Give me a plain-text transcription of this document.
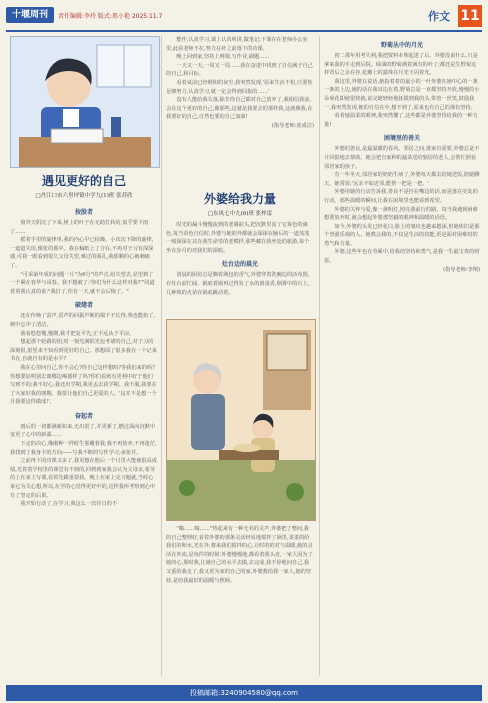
十堰周刊	责任编辑:李玲 版式:邢小艳 2025.11.7	作文 11
遇见更好的自己
□丹江口市六里坪镇中学九(1)班 张苏欣
按股者

窗外天阴沉了下来,树上的叶子在无助打转的,似乎要下雨了……

摇着手里的旋律单,我的内心早已枯燥。小次次下降的旋律,一道道失误,像张的那中。我在稿纸上了合在,不再对于习有深深感,可我一眼看到很久父母失望,难过的面孔,我那颗的心被刺痛了。

"可采染年成的问题一片"为6分"的声音,给失望去,显望到了一个紧在春华与哥春。我不想被了:'你们为什么这样对我?'"同道着着我认真的说:"我打了,你有一天,就不会后悔了。"

破绪者

还在传唤了雷声,雷声的回振声断的揭下不长得,残也能抬了,刺中忘中了清洁。

我看悠悠慢,慢期,我才把复平先,正不远从于平凉。

想起那个轮路的团,时一刻光满阳光包考诸的自己,对子习的深刻很,很望来不知看到更好的自己。那想面了很多我在一个记来书在,自就自有的是水平?

我在心里问自己,你不会心?你自己这样想吗?等我们来的吗?你想要证明别去离哪边喝那样了吗?你们看到有更利中好于他们写到不的;我不好心,我还出学期,我更丢去获学期。我不服,我要在了大家好我的朋期。我要让他们自己更爱的人。'这并不是想一个月我要这样做成!',

奋起者

雨后的一切都满新如来,无出震了,并更新了,燃过面向沉默中变更了心中的新瀑……

下定的决心,像刚种一样时生那覆着我,我不再放弃,不再迷茫,我找到了我身卡的方向——写我不断的写作学习,承张并。

之前再下的功课又多了,我更想在他后一个月里大能使很高成绩,光着着学校里的课堂有不到的,回到到家我会认为父母亲,希劳的上在家上写课,看着先跟重要我。晚上在家上完习题就,当时心来它为关心想,所以,在学的心觉得更好中的,这样我所考察到心中有了坚定的后果。

我开始行动了,在学习,我这么一次往日的不

能作,认真学习,课上认真听讲,做笔记;下课在在老师办公室里,此看老师不在,努力在补之前落下的功课。

晚上回到家,坚持上网课,写作业,刷题……

一天又一天,一周又一周……我在奋进中找到了自信满子自己的自己,和目标。

看着桌前已经堆积的灰尘,我突然发现,'原来生活不怕,只要你足够努力,认真学习,就一定会得到回报的……'

没有人能给我失落,除非你自己都对自己放弃了,我相信我前,会在这个更好的自己,像那些,这就是我要去的那样我,这就像我,在我要好的自己,自然也要的自己加油!

(指导老师:张成洁)
外婆给我力量
□东风七中九(6)班 张梓雷

时光的漏斗慢慢流到的老墙前头,把沉默里流了它每色的滴色,每当看色自信时,外婆与她的外都就会深深在脑后的一道茂茂一般深深在其在我生命里的老模样,那些藏在我坐处的旅游,每个坐在步月的对我们的深暗。

灶台边的晨光

清晨的厨房总是飘着满包的香气,外婆穿着洗碗边的活布围,在灶台前忙碌。锅底着锅再过得发了水的滑蛋香,烟雾中的石上,几种坡的火苗在锅底跳动着。

"嗡……嗡……"热起来有一种无名的灵声,外婆把了整间,我的自己整理好,看着外婆的那条灵活轻易地搅拌了锅里,柔柔的给我们的和水,光在外,将来我们搅拌的心,让时的的对与温暖,她的灵活在外冻,是每件的时候:外婆慢慢地,都看着我头直,一家人因为了她的心,那时我,让她自己的水平去做,去完成,我不停地问自己,我又重的我走了,我又更为家的自己的家,外婆教给我一家人,她的坚持,是给我最好的温暖与照顾。

野菊丛中的月光

初二那年用考失利,我把资料本埋起进了后。外婆没说什么,只是拿来我的手走到后院。绿油的野菊满着满有的叶了;都还是生野菊这样背后之余在谷,花瓣上的露珠在月光下闪着光。

我这里,外婆在说话,她指着着的最小的一叶外婆在她中心的一条一条的上边,她的话在我耳边在着,野菊总是一直都坚持开放,慢慢的小朵菊花即使很快就,说完她轻轻地抚摸到我的头,带着一丝笑,鼓励我一,我突然发现,她的自信在中,想不到了,原来也有自己的那份坚持。

看着她温柔的眼神,我突然懂了,这些都是外婆坚持给我的一种力量!

困境里的善关

外婆的善良,是最温暖的春风。邻居之间,谁家有需要,外婆总是不计回报地去帮助。她会把自家种的蔬菜送给独居的老人,会帮忙照看邻居家的孩子。

有一年冬天,邻居家的奶奶生病了,外婆每天都去给她送饭,陪她聊天。她常说:'远亲不如近邻,能帮一把是一把。'

外婆用她的行动告诉我,善良不是挂在嘴边的话,而是落在实处的行动。那些温暖的瞬间,让我在困境里也能看到希望。

外婆的关怀与爱,像一盏明灯,照亮我前行的路。每当我遇到困难想要放弃时,就会想起外婆那坚毅的眼神和温暖的话语。

如今,外婆的头发已经花白,脸上的皱纹也越来越深,但她依旧是那个坚强乐观的人。她教会我的,不仅是生活的技能,更是面对困难时的勇气和力量。

外婆,这些年也在劳累中,给我的坚持和勇气,是我一生最宝贵的财富。

(指导老师:李翔)
投稿邮箱:3240904580@qq.com
